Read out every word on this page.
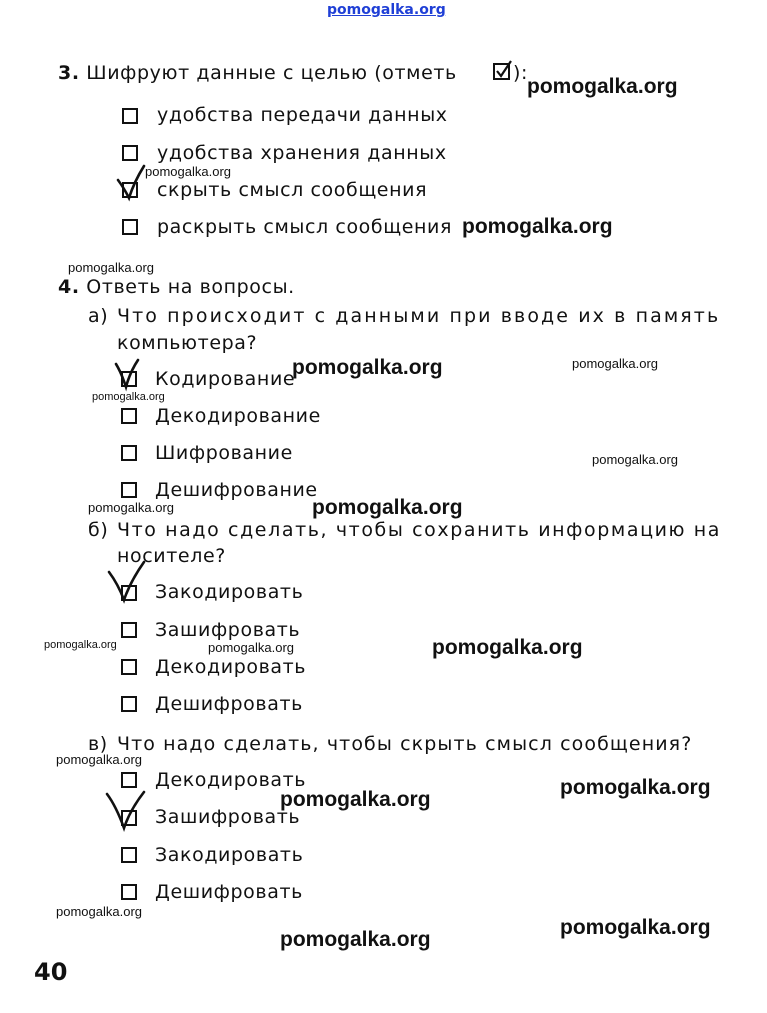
pomogalka.org
3. Шифруют данные с целью (отметь	):
удобства передачи данных
удобства хранения данных
скрыть смысл сообщения
раскрыть смысл сообщения
4. Ответь на вопросы.
а) Что происходит с данными при вводе их в память
компьютера?
Кодирование
Декодирование
Шифрование
Дешифрование
б) Что надо сделать, чтобы сохранить информацию на
носителе?
Закодировать
Зашифровать
Декодировать
Дешифровать
в) Что надо сделать, чтобы скрыть смысл сообщения?
Декодировать
Зашифровать
Закодировать
Дешифровать
40
pomogalka.org
pomogalka.org
pomogalka.org
pomogalka.org
pomogalka.org	pomogalka.org
pomogalka.org
pomogalka.org
pomogalka.org	pomogalka.org
pomogalka.org	pomogalka.org	pomogalka.org
pomogalka.org
pomogalka.org
pomogalka.org
pomogalka.org
pomogalka.org
pomogalka.org
